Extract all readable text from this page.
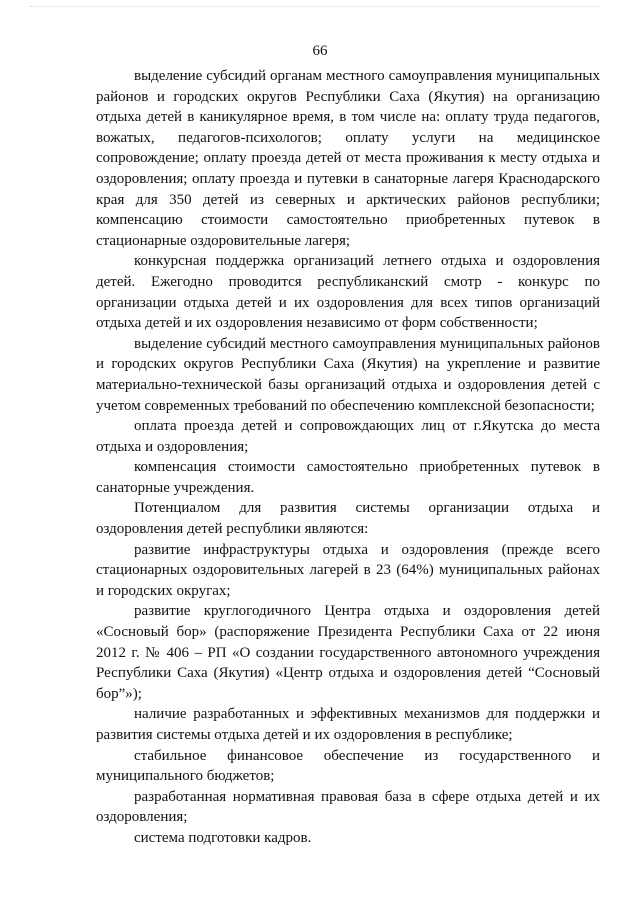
66

выделение субсидий органам местного самоуправления муниципальных районов и городских округов Республики Саха (Якутия) на организацию отдыха детей в каникулярное время, в том числе на: оплату труда педагогов, вожатых, педагогов-психологов; оплату услуги на медицинское сопровождение; оплату проезда детей от места проживания к месту отдыха и оздоровления; оплату проезда и путевки в санаторные лагеря Краснодарского края для 350 детей из северных и арктических районов республики; компенсацию стоимости самостоятельно приобретенных путевок в стационарные оздоровительные лагеря;

конкурсная поддержка организаций летнего отдыха и оздоровления детей. Ежегодно проводится республиканский смотр - конкурс по организации отдыха детей и их оздоровления для всех типов организаций отдыха детей и их оздоровления независимо от форм собственности;

выделение субсидий местного самоуправления муниципальных районов и городских округов Республики Саха (Якутия) на укрепление и развитие материально-технической базы организаций отдыха и оздоровления детей с учетом современных требований по обеспечению комплексной безопасности;

оплата проезда детей и сопровождающих лиц от г.Якутска до места отдыха и оздоровления;

компенсация стоимости самостоятельно приобретенных путевок в санаторные учреждения.

Потенциалом для развития системы организации отдыха и оздоровления детей республики являются:

развитие инфраструктуры отдыха и оздоровления (прежде всего стационарных оздоровительных лагерей в 23 (64%) муниципальных районах и городских округах;

развитие круглогодичного Центра отдыха и оздоровления детей «Сосновый бор» (распоряжение Президента Республики Саха от 22 июня 2012 г. № 406 – РП «О создании государственного автономного учреждения Республики Саха (Якутия) «Центр отдыха и оздоровления детей “Сосновый бор”»);

наличие разработанных и эффективных механизмов для поддержки и развития системы отдыха детей и их оздоровления в республике;

стабильное финансовое обеспечение из государственного и муниципального бюджетов;

разработанная нормативная правовая база в сфере отдыха детей и их оздоровления;

система подготовки кадров.
